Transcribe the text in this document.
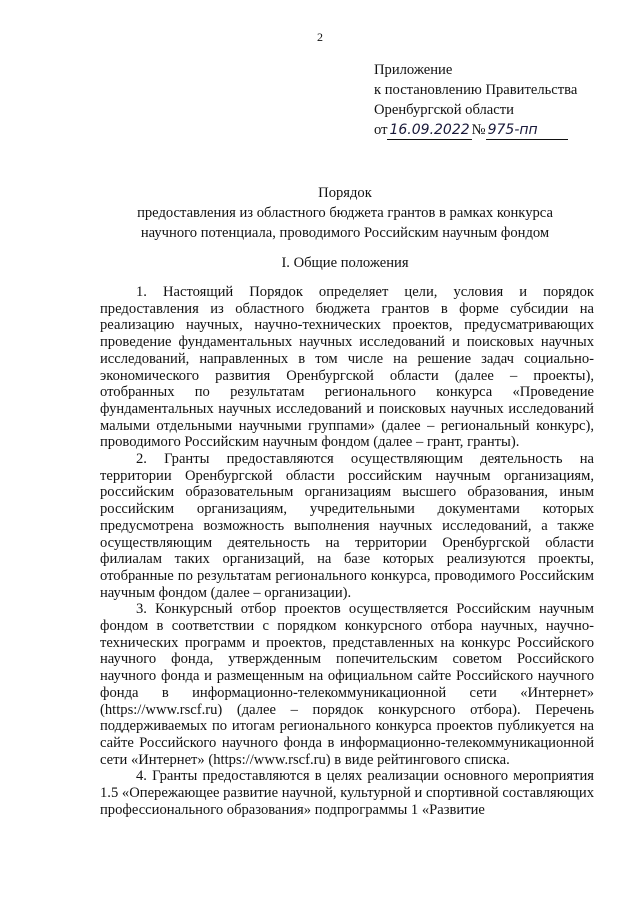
2
Приложение
к постановлению Правительства
Оренбургской области
от 16.09.2022 № 975-пп
Порядок
предоставления из областного бюджета грантов в рамках конкурса
научного потенциала, проводимого Российским научным фондом
I. Общие положения

1. Настоящий Порядок определяет цели, условия и порядок предоставления из областного бюджета грантов в форме субсидии на реализацию научных, научно-технических проектов, предусматривающих проведение фундаментальных научных исследований и поисковых научных исследований, направленных в том числе на решение задач социально-экономического развития Оренбургской области (далее – проекты), отобранных по результатам регионального конкурса «Проведение фундаментальных научных исследований и поисковых научных исследований малыми отдельными научными группами» (далее – региональный конкурс), проводимого Российским научным фондом (далее – грант, гранты).

2. Гранты предоставляются осуществляющим деятельность на территории Оренбургской области российским научным организациям, российским образовательным организациям высшего образования, иным российским организациям, учредительными документами которых предусмотрена возможность выполнения научных исследований, а также осуществляющим деятельность на территории Оренбургской области филиалам таких организаций, на базе которых реализуются проекты, отобранные по результатам регионального конкурса, проводимого Российским научным фондом (далее – организации).

3. Конкурсный отбор проектов осуществляется Российским научным фондом в соответствии с порядком конкурсного отбора научных, научно-технических программ и проектов, представленных на конкурс Российского научного фонда, утвержденным попечительским советом Российского научного фонда и размещенным на официальном сайте Российского научного фонда в информационно-телекоммуникационной сети «Интернет» (https://www.rscf.ru) (далее – порядок конкурсного отбора). Перечень поддерживаемых по итогам регионального конкурса проектов публикуется на сайте Российского научного фонда в информационно-телекоммуникационной сети «Интернет» (https://www.rscf.ru) в виде рейтингового списка.

4. Гранты предоставляются в целях реализации основного мероприятия 1.5 «Опережающее развитие научной, культурной и спортивной составляющих профессионального образования» подпрограммы 1 «Развитие
